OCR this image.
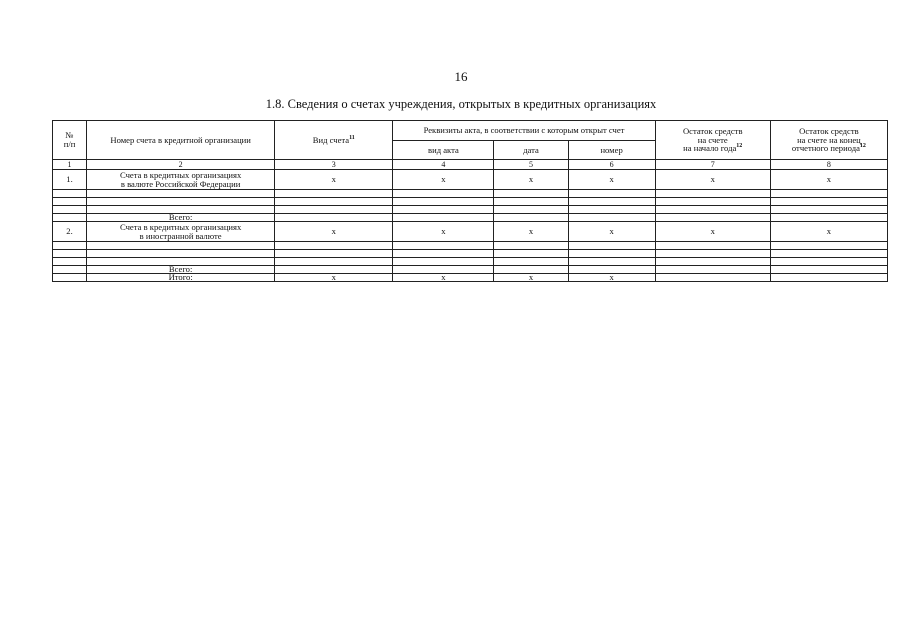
16
1.8. Сведения о счетах учреждения, открытых в кредитных организациях
№
п/п	Номер счета в кредитной организации	Вид счета$^{11}$	Реквизиты акта, в соответствии с которым открыт счет			Остаток средств
на счете
на начало года$^{12}$	Остаток средств
на счете на конец
отчетного периода$^{12}$
			вид акта	дата	номер		
1	2	3	4	5	6	7	8
1.	Счета в кредитных организациях
в валюте Российской Федерации	x	x	x	x	x	x

	Всего:						
2.	Счета в кредитных организациях
в иностранной валюте	x	x	x	x	x	x

	Всего:						
	Итого:	x	x	x	x		
